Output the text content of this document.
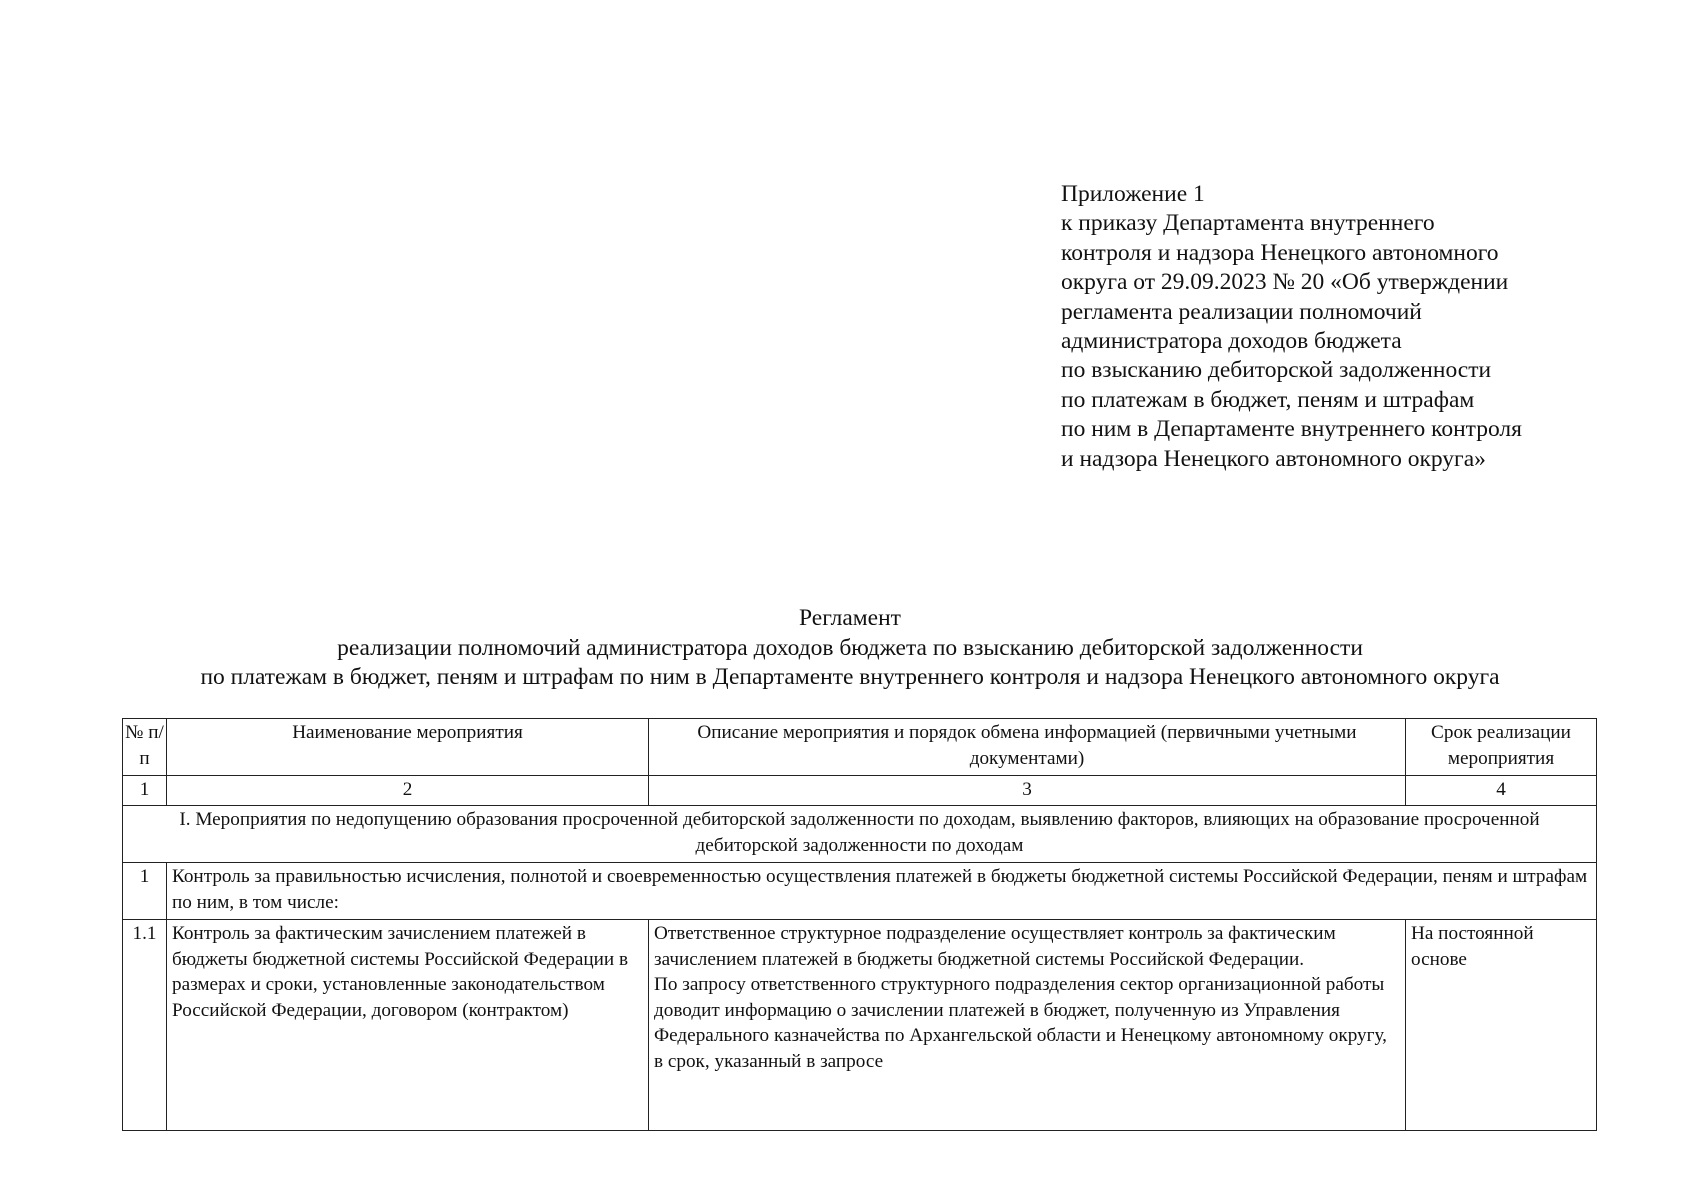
Приложение 1
к приказу Департамента внутреннего
контроля и надзора Ненецкого автономного
округа от 29.09.2023 № 20 «Об утверждении
регламента реализации полномочий
администратора доходов бюджета
по взысканию дебиторской задолженности
по платежам в бюджет, пеням и штрафам
по ним в Департаменте внутреннего контроля
и надзора Ненецкого автономного округа»
Регламент
реализации полномочий администратора доходов бюджета по взысканию дебиторской задолженности
по платежам в бюджет, пеням и штрафам по ним в Департаменте внутреннего контроля и надзора Ненецкого автономного округа
№ п/п	Наименование мероприятия	Описание мероприятия и порядок обмена информацией (первичными учетными документами)	Срок реализации мероприятия
1	2	3	4
I. Мероприятия по недопущению образования просроченной дебиторской задолженности по доходам, выявлению факторов, влияющих на образование просроченной дебиторской задолженности по доходам			
1	Контроль за правильностью исчисления, полнотой и своевременностью осуществления платежей в бюджеты бюджетной системы Российской Федерации, пеням и штрафам по ним, в том числе:		
1.1	Контроль за фактическим зачислением платежей в бюджеты бюджетной системы Российской Федерации в размерах и сроки, установленные законодательством Российской Федерации, договором (контрактом)	Ответственное структурное подразделение осуществляет контроль за фактическим зачислением платежей в бюджеты бюджетной системы Российской Федерации.
По запросу ответственного структурного подразделения сектор организационной работы доводит информацию о зачислении платежей в бюджет, полученную из Управления Федерального казначейства по Архангельской области и Ненецкому автономному округу, в срок, указанный в запросе	На постоянной основе
